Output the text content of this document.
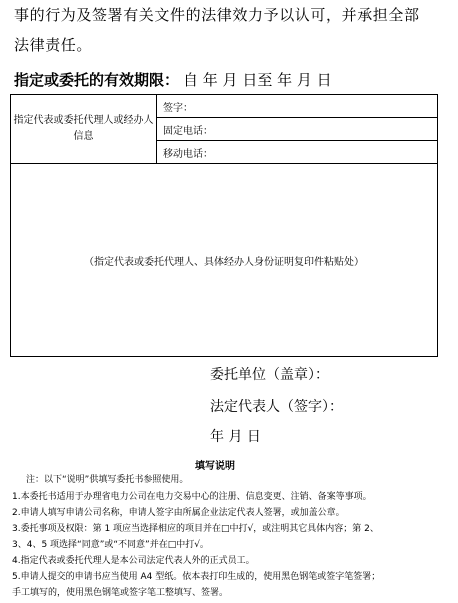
事的行为及签署有关文件的法律效力予以认可，并承担全部
法律责任。
指定或委托的有效期限： 自 年 月 日至 年 月 日
指定代表或委托代理人或经办人信息	签字：
固定电话：
移动电话：
（指定代表或委托代理人、具体经办人身份证明复印件粘贴处）
委托单位（盖章）：
法定代表人（签字）：
年 月 日
填写说明
注：以下“说明”供填写委托书参照使用。
1.本委托书适用于办理省电力公司在电力交易中心的注册、信息变更、注销、备案等事项。
2.申请人填写申请公司名称，申请人签字由所属企业法定代表人签署，或加盖公章。
3.委托事项及权限：第 1 项应当选择相应的项目并在□中打√，或注明其它具体内容；第 2、
3、4、5 项选择“同意”或“不同意”并在□中打√。
4.指定代表或委托代理人是本公司法定代表人外的正式员工。
5.申请人提交的申请书应当使用 A4 型纸。依本表打印生成的，使用黑色钢笔或签字笔签署；
手工填写的，使用黑色钢笔或签字笔工整填写、签署。
